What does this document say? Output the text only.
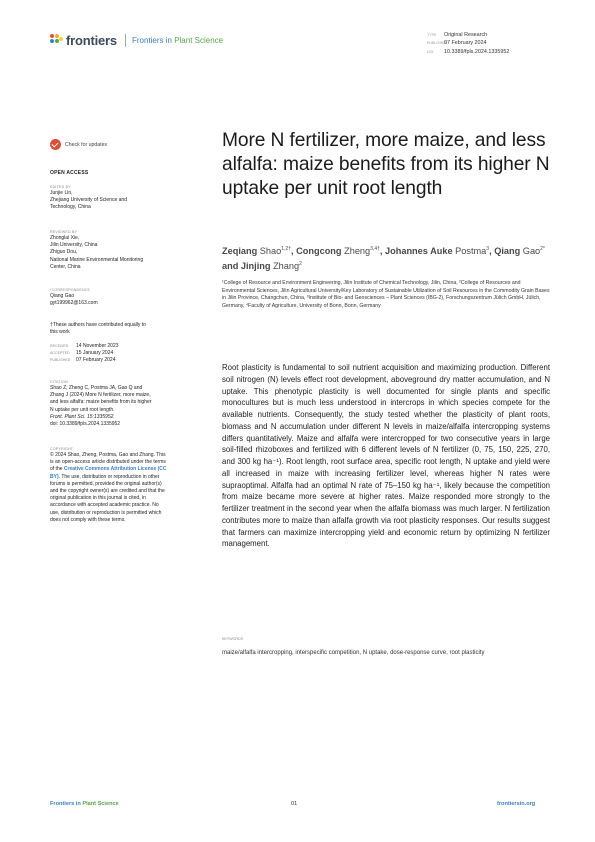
frontiers Frontiers in Plant Science
TYPE Original Research
PUBLISHED07 February 2024
DOI 10.3389/fpls.2024.1335952
Check for updates
OPEN ACCESS
EDITED BY
Junjie Lin,
Zhejiang University of Science and
Technology, China
REVIEWED BY
Zhonglai Xie,
Jilin University, China
Zhiguo Dou,
National Marine Environmental Monitoring
Center, China
*CORRESPONDENCE
Qiang Gao
gyt199962@163.com
†These authors have contributed equally to
this work
RECEIVED 14 November 2023
ACCEPTED 15 January 2024
PUBLISHED 07 February 2024
CITATION
Shao Z, Zheng C, Postma JA, Gao Q and
Zhang J (2024) More N fertilizer, more maize,
and less alfalfa: maize benefits from its higher
N uptake per unit root length.
Front. Plant Sci. 15:1335952.
doi: 10.3389/fpls.2024.1335952
COPYRIGHT
© 2024 Shao, Zheng, Postma, Gao and Zhang. This is an open-access article distributed under the terms of the Creative Commons Attribution License (CC BY). The use, distribution or reproduction in other forums is permitted, provided the original author(s) and the copyright owner(s) are credited and that the original publication in this journal is cited, in accordance with accepted academic practice. No use, distribution or reproduction is permitted which does not comply with these terms.
More N fertilizer, more maize, and less alfalfa: maize benefits from its higher N uptake per unit root length
Zeqiang Shao$^{1,2\dagger}$, Congcong Zheng$^{3,4\dagger}$, Johannes Auke Postma$^3$, Qiang Gao$^{2*}$ and Jinjing Zhang$^2$
¹College of Resource and Environment Engineering, Jilin Institute of Chemical Technology, Jilin, China, ²College of Resources and Environmental Sciences, Jilin Agricultural University/Key Laboratory of Sustainable Utilization of Soil Resources in the Commodity Grain Bases in Jilin Province, Changchun, China, ³Institute of Bio- and Geosciences – Plant Sciences (IBG-2), Forschungszentrum Jülich GmbH, Jülich, Germany, ⁴Faculty of Agriculture, University of Bonn, Bonn, Germany
Root plasticity is fundamental to soil nutrient acquisition and maximizing production. Different soil nitrogen (N) levels effect root development, aboveground dry matter accumulation, and N uptake. This phenotypic plasticity is well documented for single plants and specific monocultures but is much less understood in intercrops in which species compete for the available nutrients. Consequently, the study tested whether the plasticity of plant roots, biomass and N accumulation under different N levels in maize/alfalfa intercropping systems differs quantitatively. Maize and alfalfa were intercropped for two consecutive years in large soil-filled rhizoboxes and fertilized with 6 different levels of N fertilizer (0, 75, 150, 225, 270, and 300 kg ha⁻¹). Root length, root surface area, specific root length, N uptake and yield were all increased in maize with increasing fertilizer level, whereas higher N rates were supraoptimal. Alfalfa had an optimal N rate of 75–150 kg ha⁻¹, likely because the competition from maize became more severe at higher rates. Maize responded more strongly to the fertilizer treatment in the second year when the alfalfa biomass was much larger. N fertilization contributes more to maize than alfalfa growth via root plasticity responses. Our results suggest that farmers can maximize intercropping yield and economic return by optimizing N fertilizer management.
KEYWORDS
maize/alfalfa intercropping, interspecific competition, N uptake, dose-response curve, root plasticity
Frontiers in Plant Science	01	frontiersin.org
